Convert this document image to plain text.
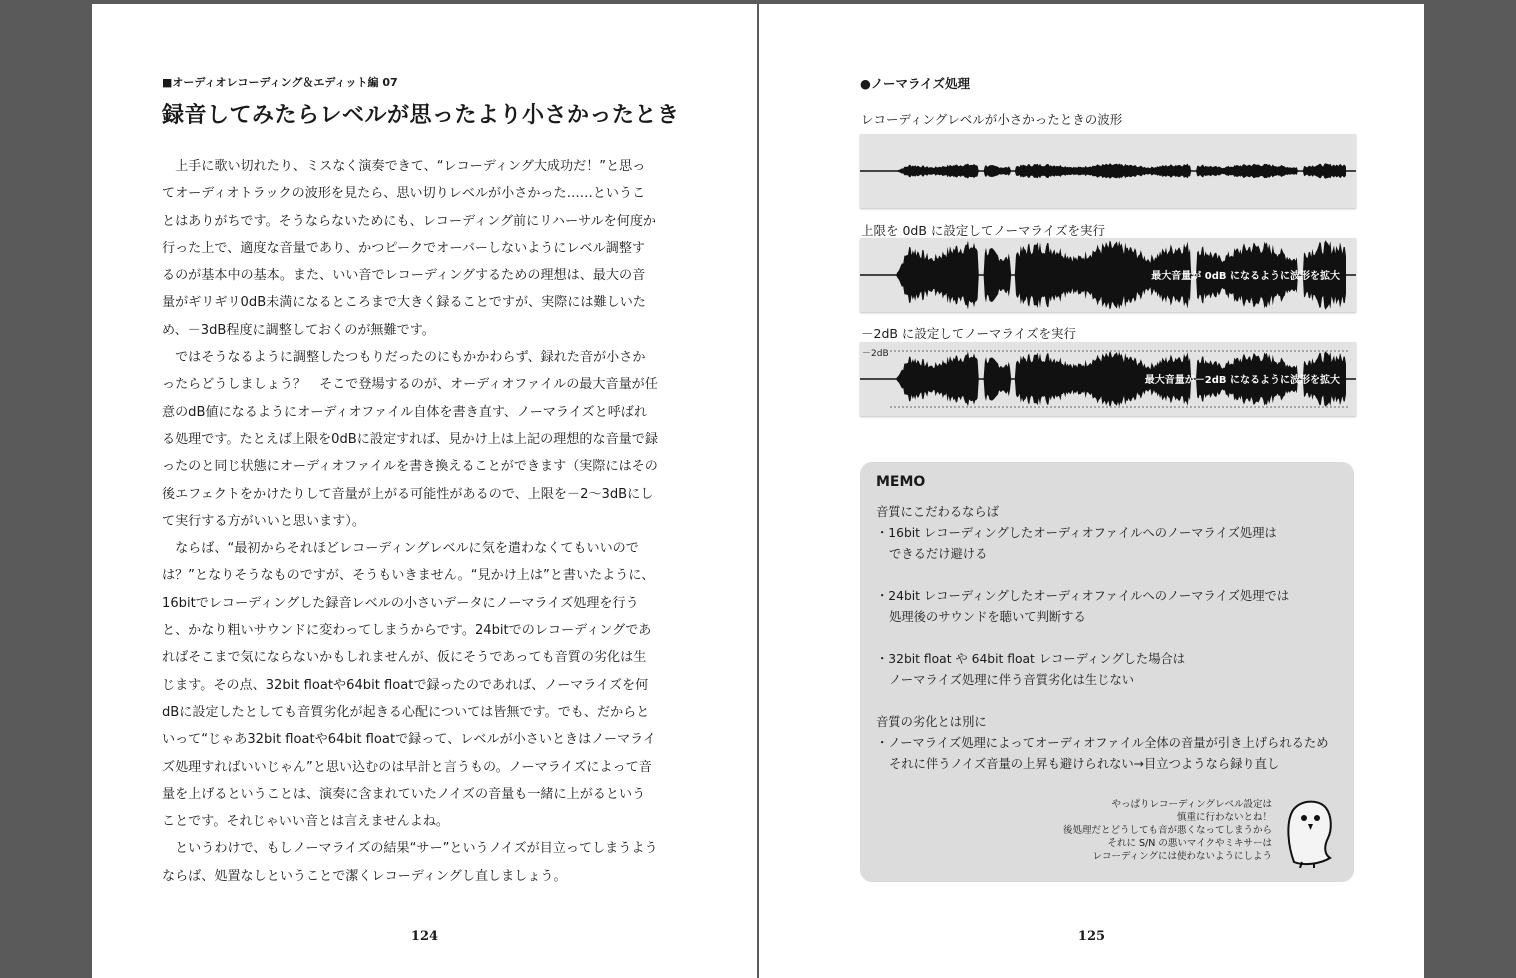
■オーディオレコーディング＆エディット編 07
録音してみたらレベルが思ったより小さかったとき

上手に歌い切れたり、ミスなく演奏できて、“レコーディング大成功だ！”と思ってオーディオトラックの波形を見たら、思い切りレベルが小さかった……ということはありがちです。そうならないためにも、レコーディング前にリハーサルを何度か行った上で、適度な音量であり、かつピークでオーバーしないようにレベル調整するのが基本中の基本。また、いい音でレコーディングするための理想は、最大の音量がギリギリ0dB未満になるところまで大きく録ることですが、実際には難しいため、－3dB程度に調整しておくのが無難です。

ではそうなるように調整したつもりだったのにもかかわらず、録れた音が小さかったらどうしましょう？　そこで登場するのが、オーディオファイルの最大音量が任意のdB値になるようにオーディオファイル自体を書き直す、ノーマライズと呼ばれる処理です。たとえば上限を0dBに設定すれば、見かけ上は上記の理想的な音量で録ったのと同じ状態にオーディオファイルを書き換えることができます（実際にはその後エフェクトをかけたりして音量が上がる可能性があるので、上限を－2〜3dBにして実行する方がいいと思います）。

ならば、“最初からそれほどレコーディングレベルに気を遣わなくてもいいのでは？”となりそうなものですが、そうもいきません。“見かけ上は”と書いたように、16bitでレコーディングした録音レベルの小さいデータにノーマライズ処理を行うと、かなり粗いサウンドに変わってしまうからです。24bitでのレコーディングであればそこまで気にならないかもしれませんが、仮にそうであっても音質の劣化は生じます。その点、32bit floatや64bit floatで録ったのであれば、ノーマライズを何dBに設定したとしても音質劣化が起きる心配については皆無です。でも、だからといって“じゃあ32bit floatや64bit floatで録って、レベルが小さいときはノーマライズ処理すればいいじゃん”と思い込むのは早計と言うもの。ノーマライズによって音量を上げるということは、演奏に含まれていたノイズの音量も一緒に上がるということです。それじゃいい音とは言えませんよね。

というわけで、もしノーマライズの結果“サー”というノイズが目立ってしまうようならば、処置なしということで潔くレコーディングし直しましょう。

124
●ノーマライズ処理
レコーディングレベルが小さかったときの波形
上限を 0dB に設定してノーマライズを実行
最大音量が 0dB になるように波形を拡大
－2dB に設定してノーマライズを実行
－2dB
最大音量が－2dB になるように波形を拡大
MEMO
音質にこだわるならば
・16bit レコーディングしたオーディオファイルへのノーマライズ処理は
できるだけ避ける
・24bit レコーディングしたオーディオファイルへのノーマライズ処理では
処理後のサウンドを聴いて判断する
・32bit float や 64bit float レコーディングした場合は
ノーマライズ処理に伴う音質劣化は生じない
音質の劣化とは別に
・ノーマライズ処理によってオーディオファイル全体の音量が引き上げられるため
それに伴うノイズ音量の上昇も避けられない→目立つようなら録り直し
やっぱりレコーディングレベル設定は
慎重に行わないとね！
後処理だとどうしても音が悪くなってしまうから
それに S/N の悪いマイクやミキサーは
レコーディングには使わないようにしよう
125
